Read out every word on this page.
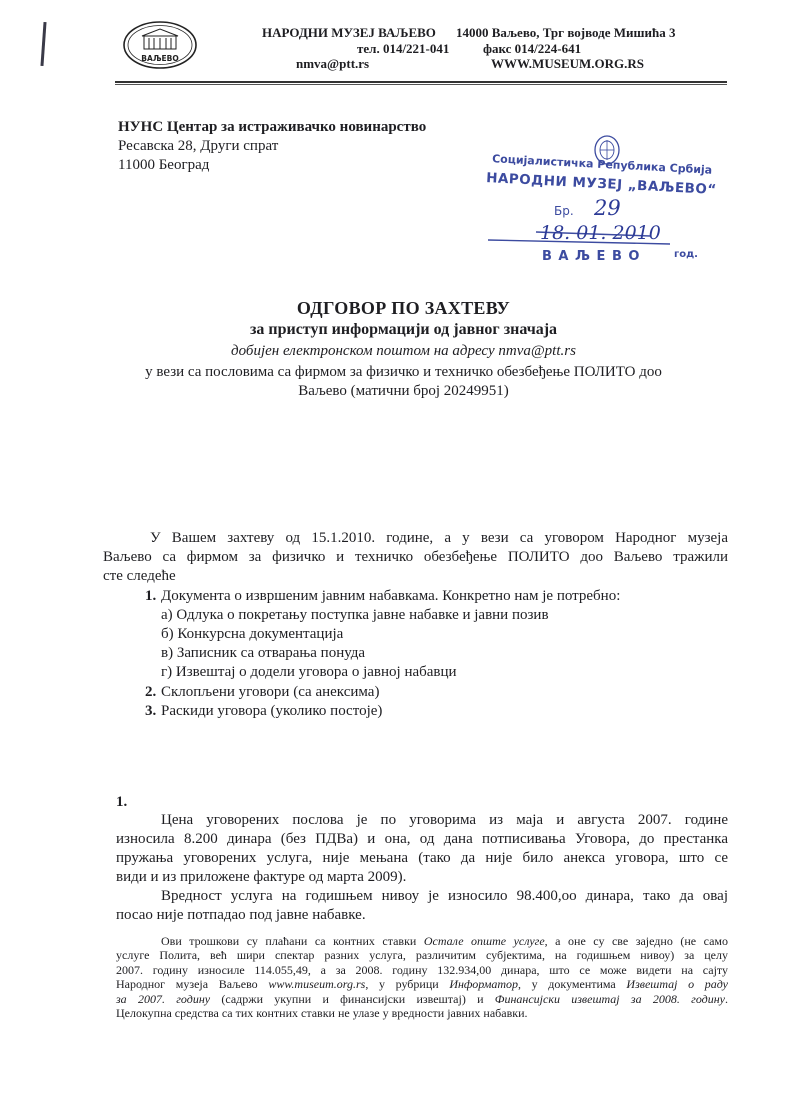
ВАЉЕВО
НАРОДНИ МУЗЕЈ ВАЉЕВО 14000 Ваљево, Трг војводе Мишића 3
тел. 014/221-041	факс 014/224-641
nmva@ptt.rs	WWW.MUSEUM.ORG.RS
НУНС Центар за истраживачко новинарство
Ресавска 28, Други спрат
11000 Београд	Социјалистичка Република Србија
НАРОДНИ МУЗЕЈ „ВАЉЕВО“
Бр. 29
18. 01. 2010
год.
В А Љ Е В О
ОДГОВОР ПО ЗАХТЕВУ
за приступ информацији од јавног значаја
добијен електронском поштом на адресу nmva@ptt.rs
у вези са пословима са фирмом за физичко и техничко обезбеђење ПОЛИТО доо
Ваљево (матични број 20249951)
У Вашем захтеву од 15.1.2010. године, а у вези са уговором Народног музеја
Ваљево са фирмом за физичко и техничко обезбеђење ПОЛИТО доо Ваљево тражили
сте следеће
1. Документа о извршеним јавним набавкама. Конкретно нам је потребно:
а) Одлука о покретању поступка јавне набавке и јавни позив
б) Конкурсна документација
в) Записник са отварања понуда
г) Извештај о додели уговора о јавној набавци
2. Склопљени уговори (са анексима)
3. Раскиди уговора (уколико постоје)
1.
Цена уговорених послова је по уговорима из маја и августа 2007. године
износила 8.200 динара (без ПДВа) и она, од дана потписивања Уговора, до престанка
пружања уговорених услуга, није мењана (тако да није било анекса уговора, што се
види и из приложене фактуре од марта 2009).
Вредност услуга на годишњем нивоу је износило 98.400,оо динара, тако да овај
посао није потпадао под јавне набавке.
Ови трошкови су плаћани са контних ставки Остале опште услуге, а оне су све заједно (не само
услуге Полита, већ шири спектар разних услуга, различитим субјектима, на годишњем нивоу) за целу
2007. годину износиле 114.055,49, а за 2008. годину 132.934,00 динара, што се може видети на сајту
Народног музеја Ваљево www.museum.org.rs, у рубрици Информатор, у документима Извештај о раду
за 2007. годину (садржи укупни и финансијски извештај) и Финансијски извештај за 2008. годину.
Целокупна средства са тих контних ставки не улазе у вредности јавних набавки.
